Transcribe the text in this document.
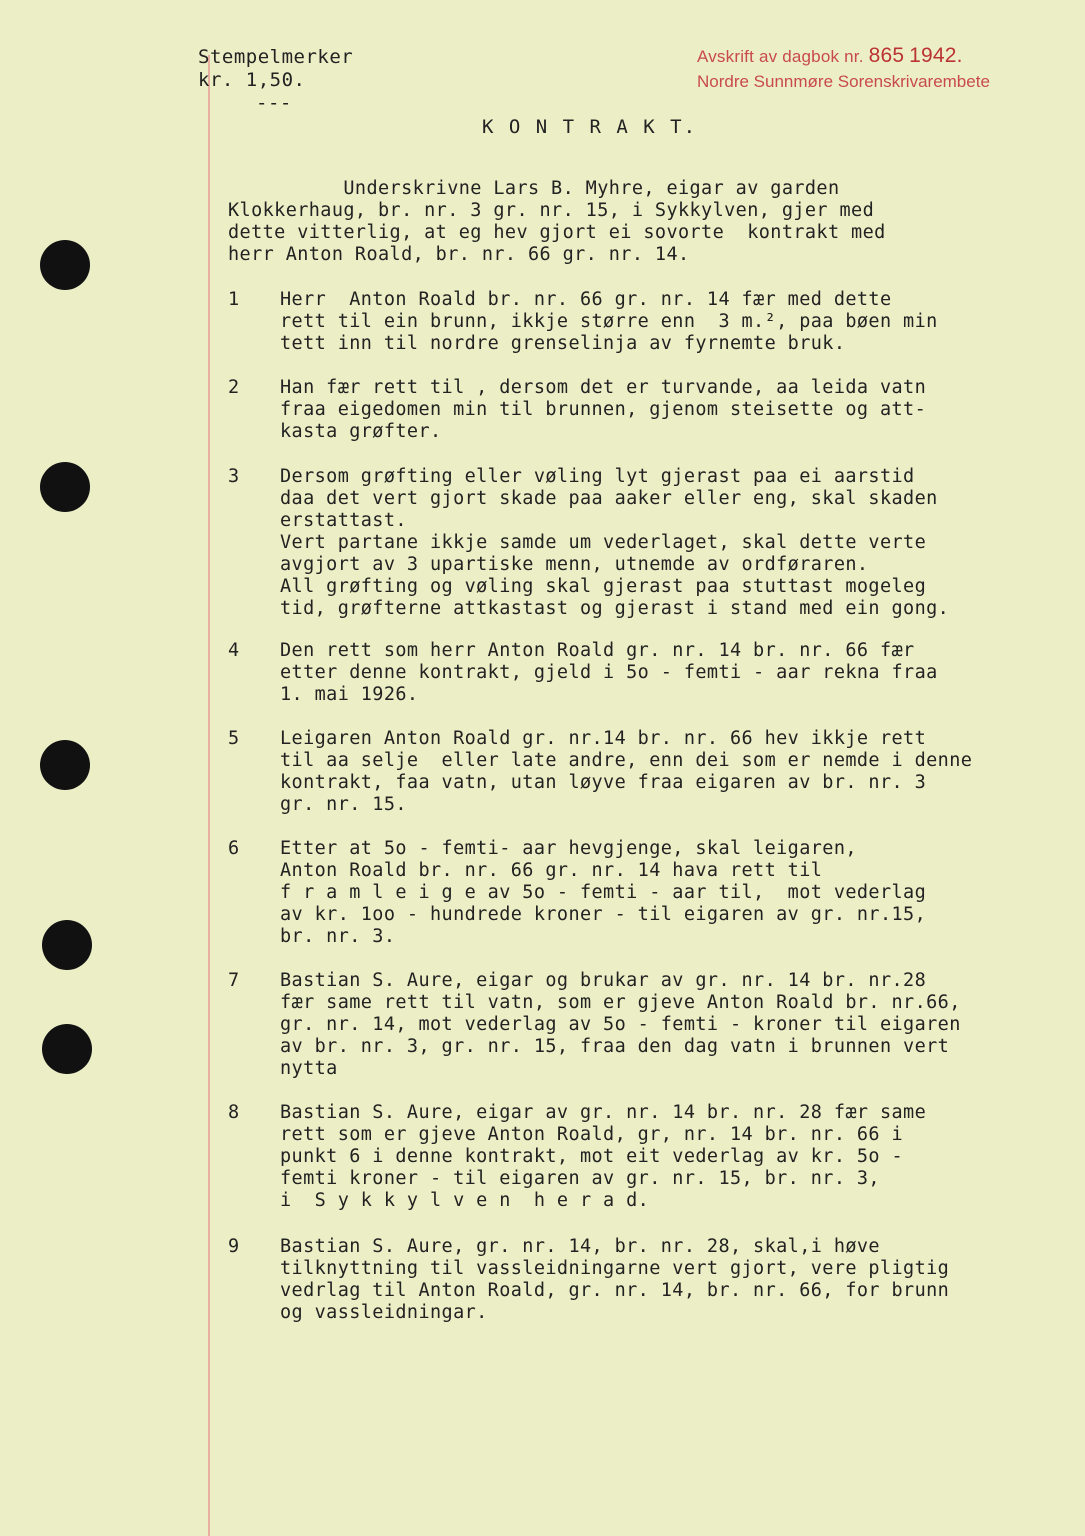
Stempelmerker
kr. 1,50.
---
Avskrift av dagbok nr. 865 1942.
Nordre Sunnmøre Sorenskrivarembete
K O N T R A K T.
Underskrivne Lars B. Myhre, eigar av garden
Klokkerhaug, br. nr. 3 gr. nr. 15, i Sykkylven, gjer med
dette vitterlig, at eg hev gjort ei sovorte  kontrakt med
herr Anton Roald, br. nr. 66 gr. nr. 14.
1	Herr  Anton Roald br. nr. 66 gr. nr. 14 fær med dette
rett til ein brunn, ikkje større enn  3 m.², paa bøen min
tett inn til nordre grenselinja av fyrnemte bruk.
2	Han fær rett til , dersom det er turvande, aa leida vatn
fraa eigedomen min til brunnen, gjenom steisette og att-
kasta grøfter.
3	Dersom grøfting eller vøling lyt gjerast paa ei aarstid
daa det vert gjort skade paa aaker eller eng, skal skaden
erstattast.
Vert partane ikkje samde um vederlaget, skal dette verte
avgjort av 3 upartiske menn, utnemde av ordføraren.
All grøfting og vøling skal gjerast paa stuttast mogeleg
tid, grøfterne attkastast og gjerast i stand med ein gong.
4	Den rett som herr Anton Roald gr. nr. 14 br. nr. 66 fær
etter denne kontrakt, gjeld i 5o - femti - aar rekna fraa
1. mai 1926.
5	Leigaren Anton Roald gr. nr.14 br. nr. 66 hev ikkje rett
til aa selje  eller late andre, enn dei som er nemde i denne
kontrakt, faa vatn, utan løyve fraa eigaren av br. nr. 3
gr. nr. 15.
6	Etter at 5o - femti- aar hevgjenge, skal leigaren,
Anton Roald br. nr. 66 gr. nr. 14 hava rett til
f r a m l e i g e av 5o - femti - aar til,  mot vederlag
av kr. 1oo - hundrede kroner - til eigaren av gr. nr.15,
br. nr. 3.
7	Bastian S. Aure, eigar og brukar av gr. nr. 14 br. nr.28
fær same rett til vatn, som er gjeve Anton Roald br. nr.66,
gr. nr. 14, mot vederlag av 5o - femti - kroner til eigaren
av br. nr. 3, gr. nr. 15, fraa den dag vatn i brunnen vert
nytta
8	Bastian S. Aure, eigar av gr. nr. 14 br. nr. 28 fær same
rett som er gjeve Anton Roald, gr, nr. 14 br. nr. 66 i
punkt 6 i denne kontrakt, mot eit vederlag av kr. 5o -
femti kroner - til eigaren av gr. nr. 15, br. nr. 3,
i  S y k k y l v e n  h e r a d.
9	Bastian S. Aure, gr. nr. 14, br. nr. 28, skal,i høve
tilknyttning til vassleidningarne vert gjort, vere pligtig
vedrlag til Anton Roald, gr. nr. 14, br. nr. 66, for brunn
og vassleidningar.
